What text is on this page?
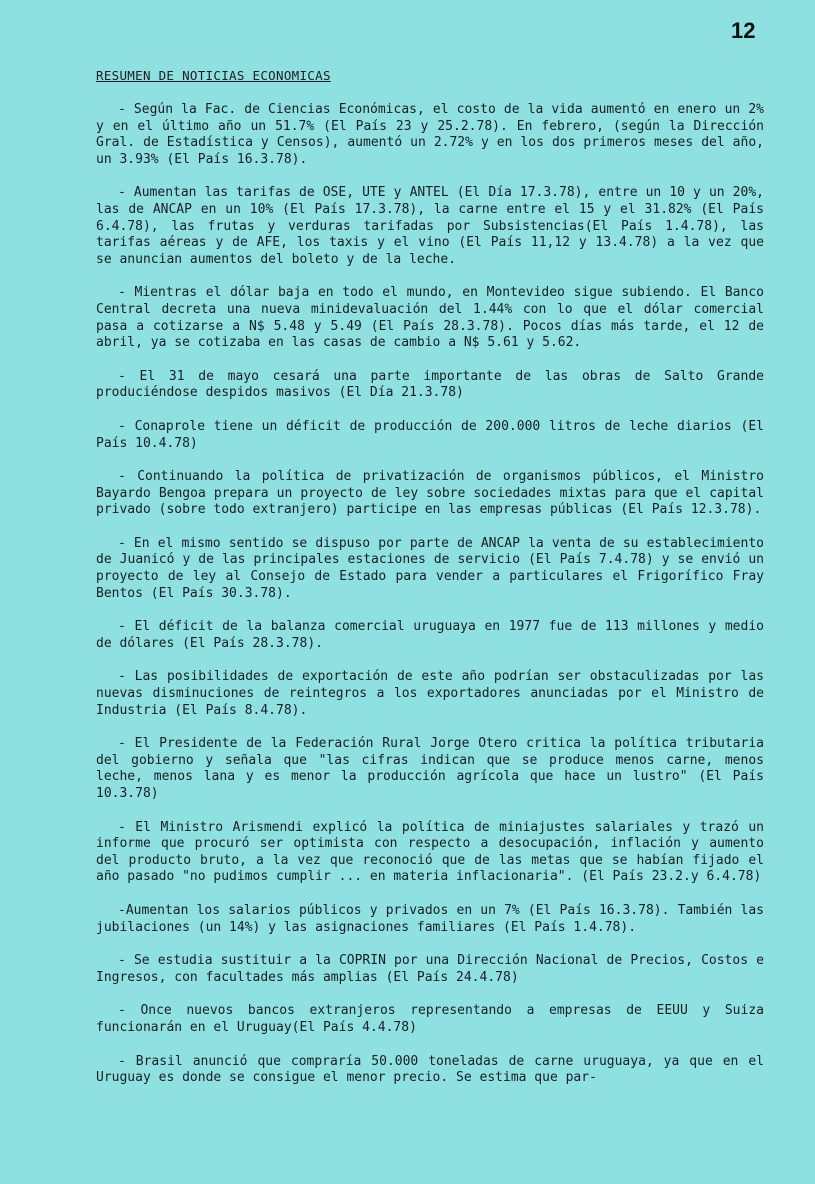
12
RESUMEN DE NOTICIAS ECONOMICAS

- Según la Fac. de Ciencias Económicas, el costo de la vida aumentó en enero un 2% y en el último año un 51.7% (El País 23 y 25.2.78). En febrero, (según la Dirección Gral. de Estadística y Censos), aumentó un 2.72% y en los dos primeros meses del año, un 3.93% (El País 16.3.78).

- Aumentan las tarifas de OSE, UTE y ANTEL (El Día 17.3.78), entre un 10 y un 20%, las de ANCAP en un 10% (El País 17.3.78), la carne entre el 15 y el 31.82% (El País 6.4.78), las frutas y verduras tarifadas por Subsistencias(El País 1.4.78), las tarifas aéreas y de AFE, los taxis y el vino (El País 11,12 y 13.4.78) a la vez que se anuncian aumentos del boleto y de la leche.

- Mientras el dólar baja en todo el mundo, en Montevideo sigue subiendo. El Banco Central decreta una nueva minidevaluación del 1.44% con lo que el dólar comercial pasa a cotizarse a N$ 5.48 y 5.49 (El País 28.3.78). Pocos días más tarde, el 12 de abril, ya se cotizaba en las casas de cambio a N$ 5.61 y 5.62.

- El 31 de mayo cesará una parte importante de las obras de Salto Grande produciéndose despidos masivos (El Día 21.3.78)

- Conaprole tiene un déficit de producción de 200.000 litros de leche diarios (El País 10.4.78)

- Continuando la política de privatización de organismos públicos, el Ministro Bayardo Bengoa prepara un proyecto de ley sobre sociedades mixtas para que el capital privado (sobre todo extranjero) participe en las empresas públicas (El País 12.3.78).

- En el mismo sentido se dispuso por parte de ANCAP la venta de su establecimiento de Juanicó y de las principales estaciones de servicio (El País 7.4.78) y se envió un proyecto de ley al Consejo de Estado para vender a particulares el Frigorífico Fray Bentos (El País 30.3.78).

- El déficit de la balanza comercial uruguaya en 1977 fue de 113 millones y medio de dólares (El País 28.3.78).

- Las posibilidades de exportación de este año podrían ser obstaculizadas por las nuevas disminuciones de reintegros a los exportadores anunciadas por el Ministro de Industria (El País 8.4.78).

- El Presidente de la Federación Rural Jorge Otero critica la política tributaria del gobierno y señala que "las cifras indican que se produce menos carne, menos leche, menos lana y es menor la producción agrícola que hace un lustro" (El País 10.3.78)

- El Ministro Arismendi explicó la política de miniajustes salariales y trazó un informe que procuró ser optimista con respecto a desocupación, inflación y aumento del producto bruto, a la vez que reconoció que de las metas que se habían fijado el año pasado "no pudimos cumplir ... en materia inflacionaria". (El País 23.2.y 6.4.78)

-Aumentan los salarios públicos y privados en un 7% (El País 16.3.78). También las jubilaciones (un 14%) y las asignaciones familiares (El País 1.4.78).

- Se estudia sustituir a la COPRIN por una Dirección Nacional de Precios, Costos e Ingresos, con facultades más amplias (El País 24.4.78)

- Once nuevos bancos extranjeros representando a empresas de EEUU y Suiza funcionarán en el Uruguay(El País 4.4.78)

- Brasil anunció que compraría 50.000 toneladas de carne uruguaya, ya que en el Uruguay es donde se consigue el menor precio. Se estima que par-
